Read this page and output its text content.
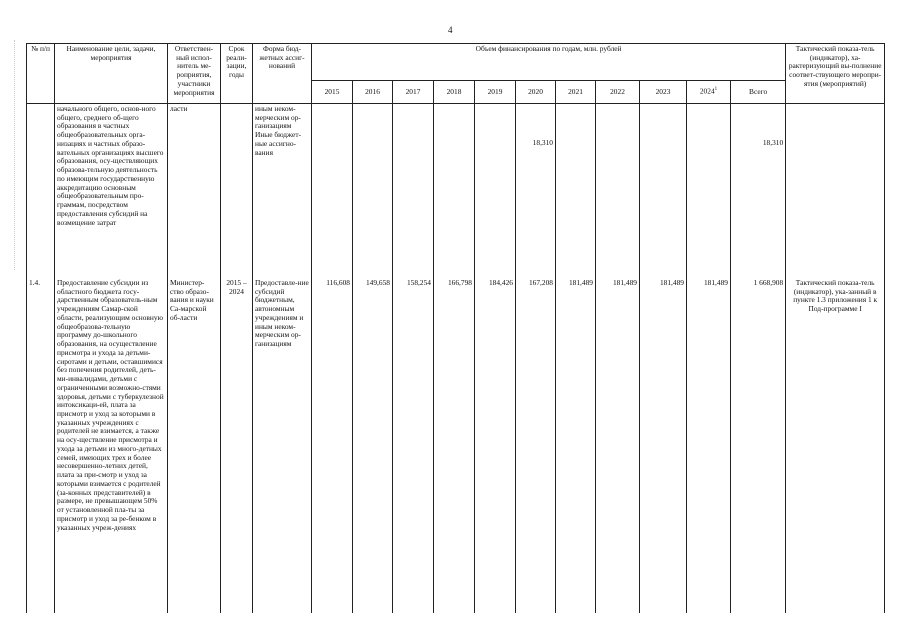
4
№ п/п	Наименование цели, задачи, мероприятия	Ответствен-ный испол-нитель ме-роприятия, участники мероприятия	Срок реали-зации, годы	Форма бюд-жетных ассиг-нований	Объем финансирования по годам, млн. рублей											Тактический показа-тель (индикатор), ха-рактеризующий вы-полнение соответ-ствующего меропри-ятия (мероприятий)
					2015	2016	2017	2018	2019	2020	2021	2022	2023	2024$^1$	Всего	
	начального общего, основ-ного общего, среднего об-щего образования в частных общеобразовательных орга-низациях и частных образо-вательных организациях высшего образования, осу-ществляющих образова-тельную деятельность по имеющим государственную аккредитацию основным общеобразовательным про-граммам, посредством предоставления субсидий на возмещение затрат	ласти		иным неком-мерческим ор-ганизациям Иные бюджет-ные ассигно-вания						18,310					18,310	
1.4.	Предоставление субсидии из областного бюджета госу-дарственным образователь-ным учреждениям Самар-ской области, реализующим основную общеобразова-тельную программу до-школьного образования, на осуществление присмотра и ухода за детьми-сиротами и детьми, оставшимися без попечения родителей, деть-ми-инвалидами, детьми с ограниченными возможно-стями здоровья, детьми с туберкулезной интоксикаци-ей, плата за присмотр и уход за которыми в указанных учреждениях с родителей не взимается, а также на осу-ществление присмотра и ухода за детьми из много-детных семей, имеющих трех и более несовершенно-летних детей, плата за при-смотр и уход за которыми взимается с родителей (за-конных представителей) в размере, не превышающем 50% от установленной пла-ты за присмотр и уход за ре-бенком в указанных учреж-дениях	Министер-ство образо-вания и науки Са-марской об-ласти	2015 – 2024	Предоставле-ние субсидий бюджетным, автономным учреждениям и иным неком-мерческим ор-ганизациям	116,608	149,658	158,254	166,798	184,426	167,208	181,489	181,489	181,489	181,489	1 668,908	Тактический показа-тель (индикатор), ука-занный в пункте 1.3 приложения 1 к Под-программе I
